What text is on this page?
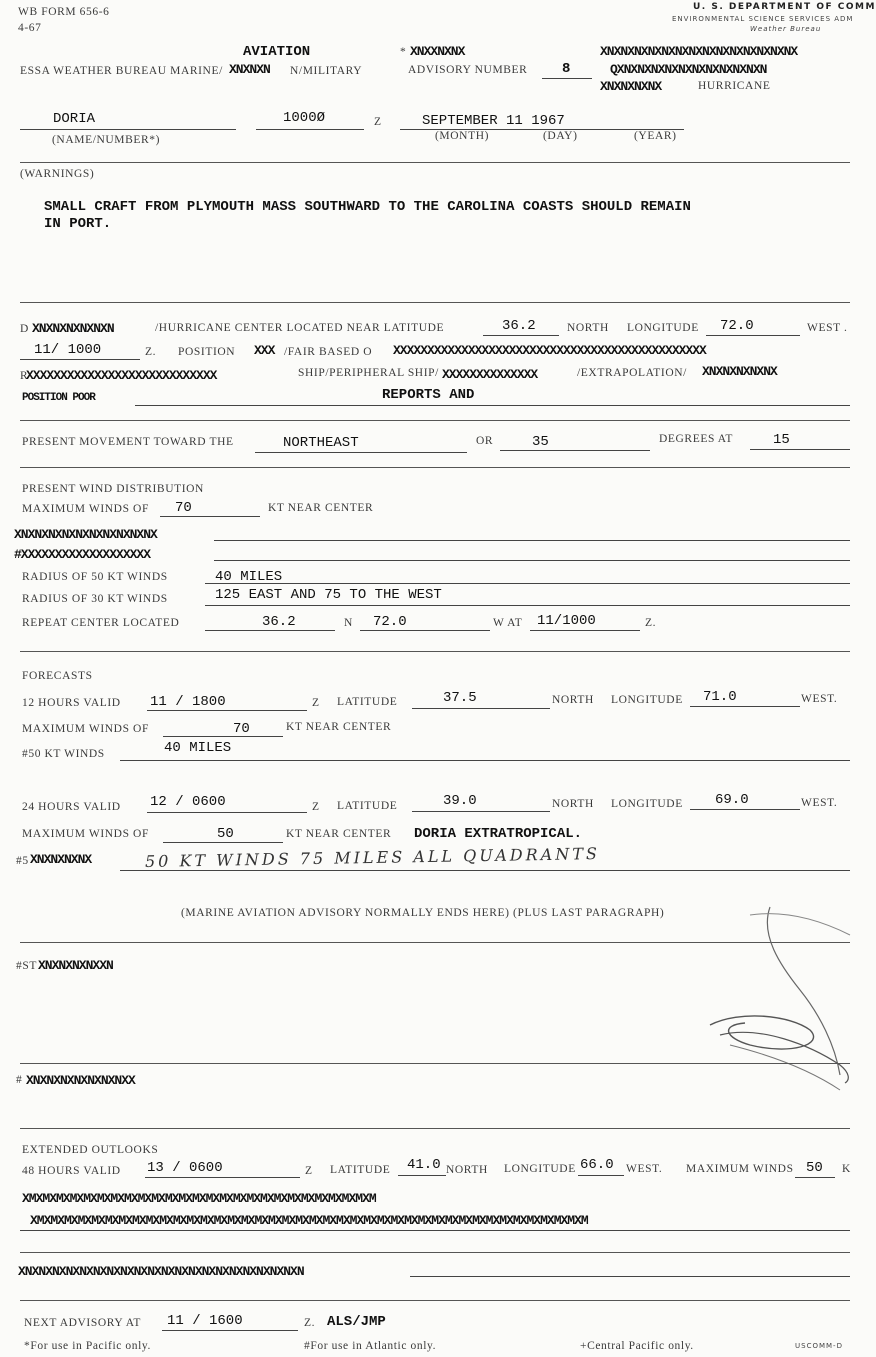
WB FORM 656-6
4-67
U. S. DEPARTMENT OF COMM
ENVIRONMENTAL SCIENCE SERVICES ADM
Weather Bureau
AVIATION
ESSA WEATHER BUREAU MARINE/ XNXNXN N/MILITARY
* XNXXNXNX
ADVISORY NUMBER 8
XNXNXNXNXNXNXNXNXNXNXNXNXNXNX
QXNXNXNXNXNXNXNXNXNXNXN
XNXNXNXNX	HURRICANE
DORIA
(NAME/NUMBER*)
1000Ø	Z	SEPTEMBER 11 1967
(MONTH)	(DAY)	(YEAR)
(WARNINGS)
SMALL CRAFT FROM PLYMOUTH MASS SOUTHWARD TO THE CAROLINA COASTS SHOULD REMAIN
IN PORT.
D XNXNXNXNXNXN	/HURRICANE CENTER LOCATED NEAR LATITUDE	36.2	NORTH LONGITUDE 72.0	WEST .
11/ 1000	Z. POSITION XXX /FAIR BASED O XXXXXXXXXXXXXXXXXXXXXXXXXXXXXXXXXXXXXXXXXXXXXX
R
XXXXXXXXXXXXXXXXXXXXXXXXXXXX	SHIP/PERIPHERAL SHIP/ XXXXXXXXXXXXXX	/EXTRAPOLATION/ XNXNXNXNXNX
POSITION POOR	REPORTS AND
PRESENT MOVEMENT TOWARD THE	NORTHEAST	OR	35	DEGREES AT	15
PRESENT WIND DISTRIBUTION
MAXIMUM WINDS OF 70	KT NEAR CENTER
XNXNXNXNXNXNXNXNXNXNX
#XXXXXXXXXXXXXXXXXXX
RADIUS OF 50 KT WINDS	40 MILES
RADIUS OF 30 KT WINDS	125 EAST AND 75 TO THE WEST
REPEAT CENTER LOCATED	36.2	N 72.0	W AT 11/1000	Z.
FORECASTS
12 HOURS VALID 11 / 1800	Z LATITUDE	37.5	NORTH LONGITUDE 71.0	WEST.
MAXIMUM WINDS OF	70	KT NEAR CENTER
#50 KT WINDS	40 MILES
24 HOURS VALID 12 / 0600	Z LATITUDE	39.0	NORTH LONGITUDE 69.0	WEST.
MAXIMUM WINDS OF	50	KT NEAR CENTER DORIA EXTRATROPICAL.
#5 XNXNXNXNX	50 KT WINDS 75 MILES ALL QUADRANTS
(MARINE AVIATION ADVISORY NORMALLY ENDS HERE) (PLUS LAST PARAGRAPH)
#ST XNXNXNXNXXN
# XNXNXNXNXNXNXNXX
EXTENDED OUTLOOKS
48 HOURS VALID 13 / 0600	Z LATITUDE 41.0 NORTH LONGITUDE 66.0 WEST. MAXIMUM WINDS 50 K
XMXMXMXMXMXMXMXMXMXMXMXMXMXMXMXMXMXMXMXMXMXMXMXMXMXM
XMXMXMXMXMXMXMXMXMXMXMXMXMXMXMXMXMXMXMXMXMXMXMXMXMXMXMXMXMXMXMXMXMXMXMXMXMXMXMXMXM
XNXNXNXNXNXNXNXNXNXNXNXNXNXNXNXNXNXNXNXNXN
NEXT ADVISORY AT 11 / 1600	Z. ALS/JMP
*For use in Pacific only.	#For use in Atlantic only.	+Central Pacific only.	USCOMM-D
